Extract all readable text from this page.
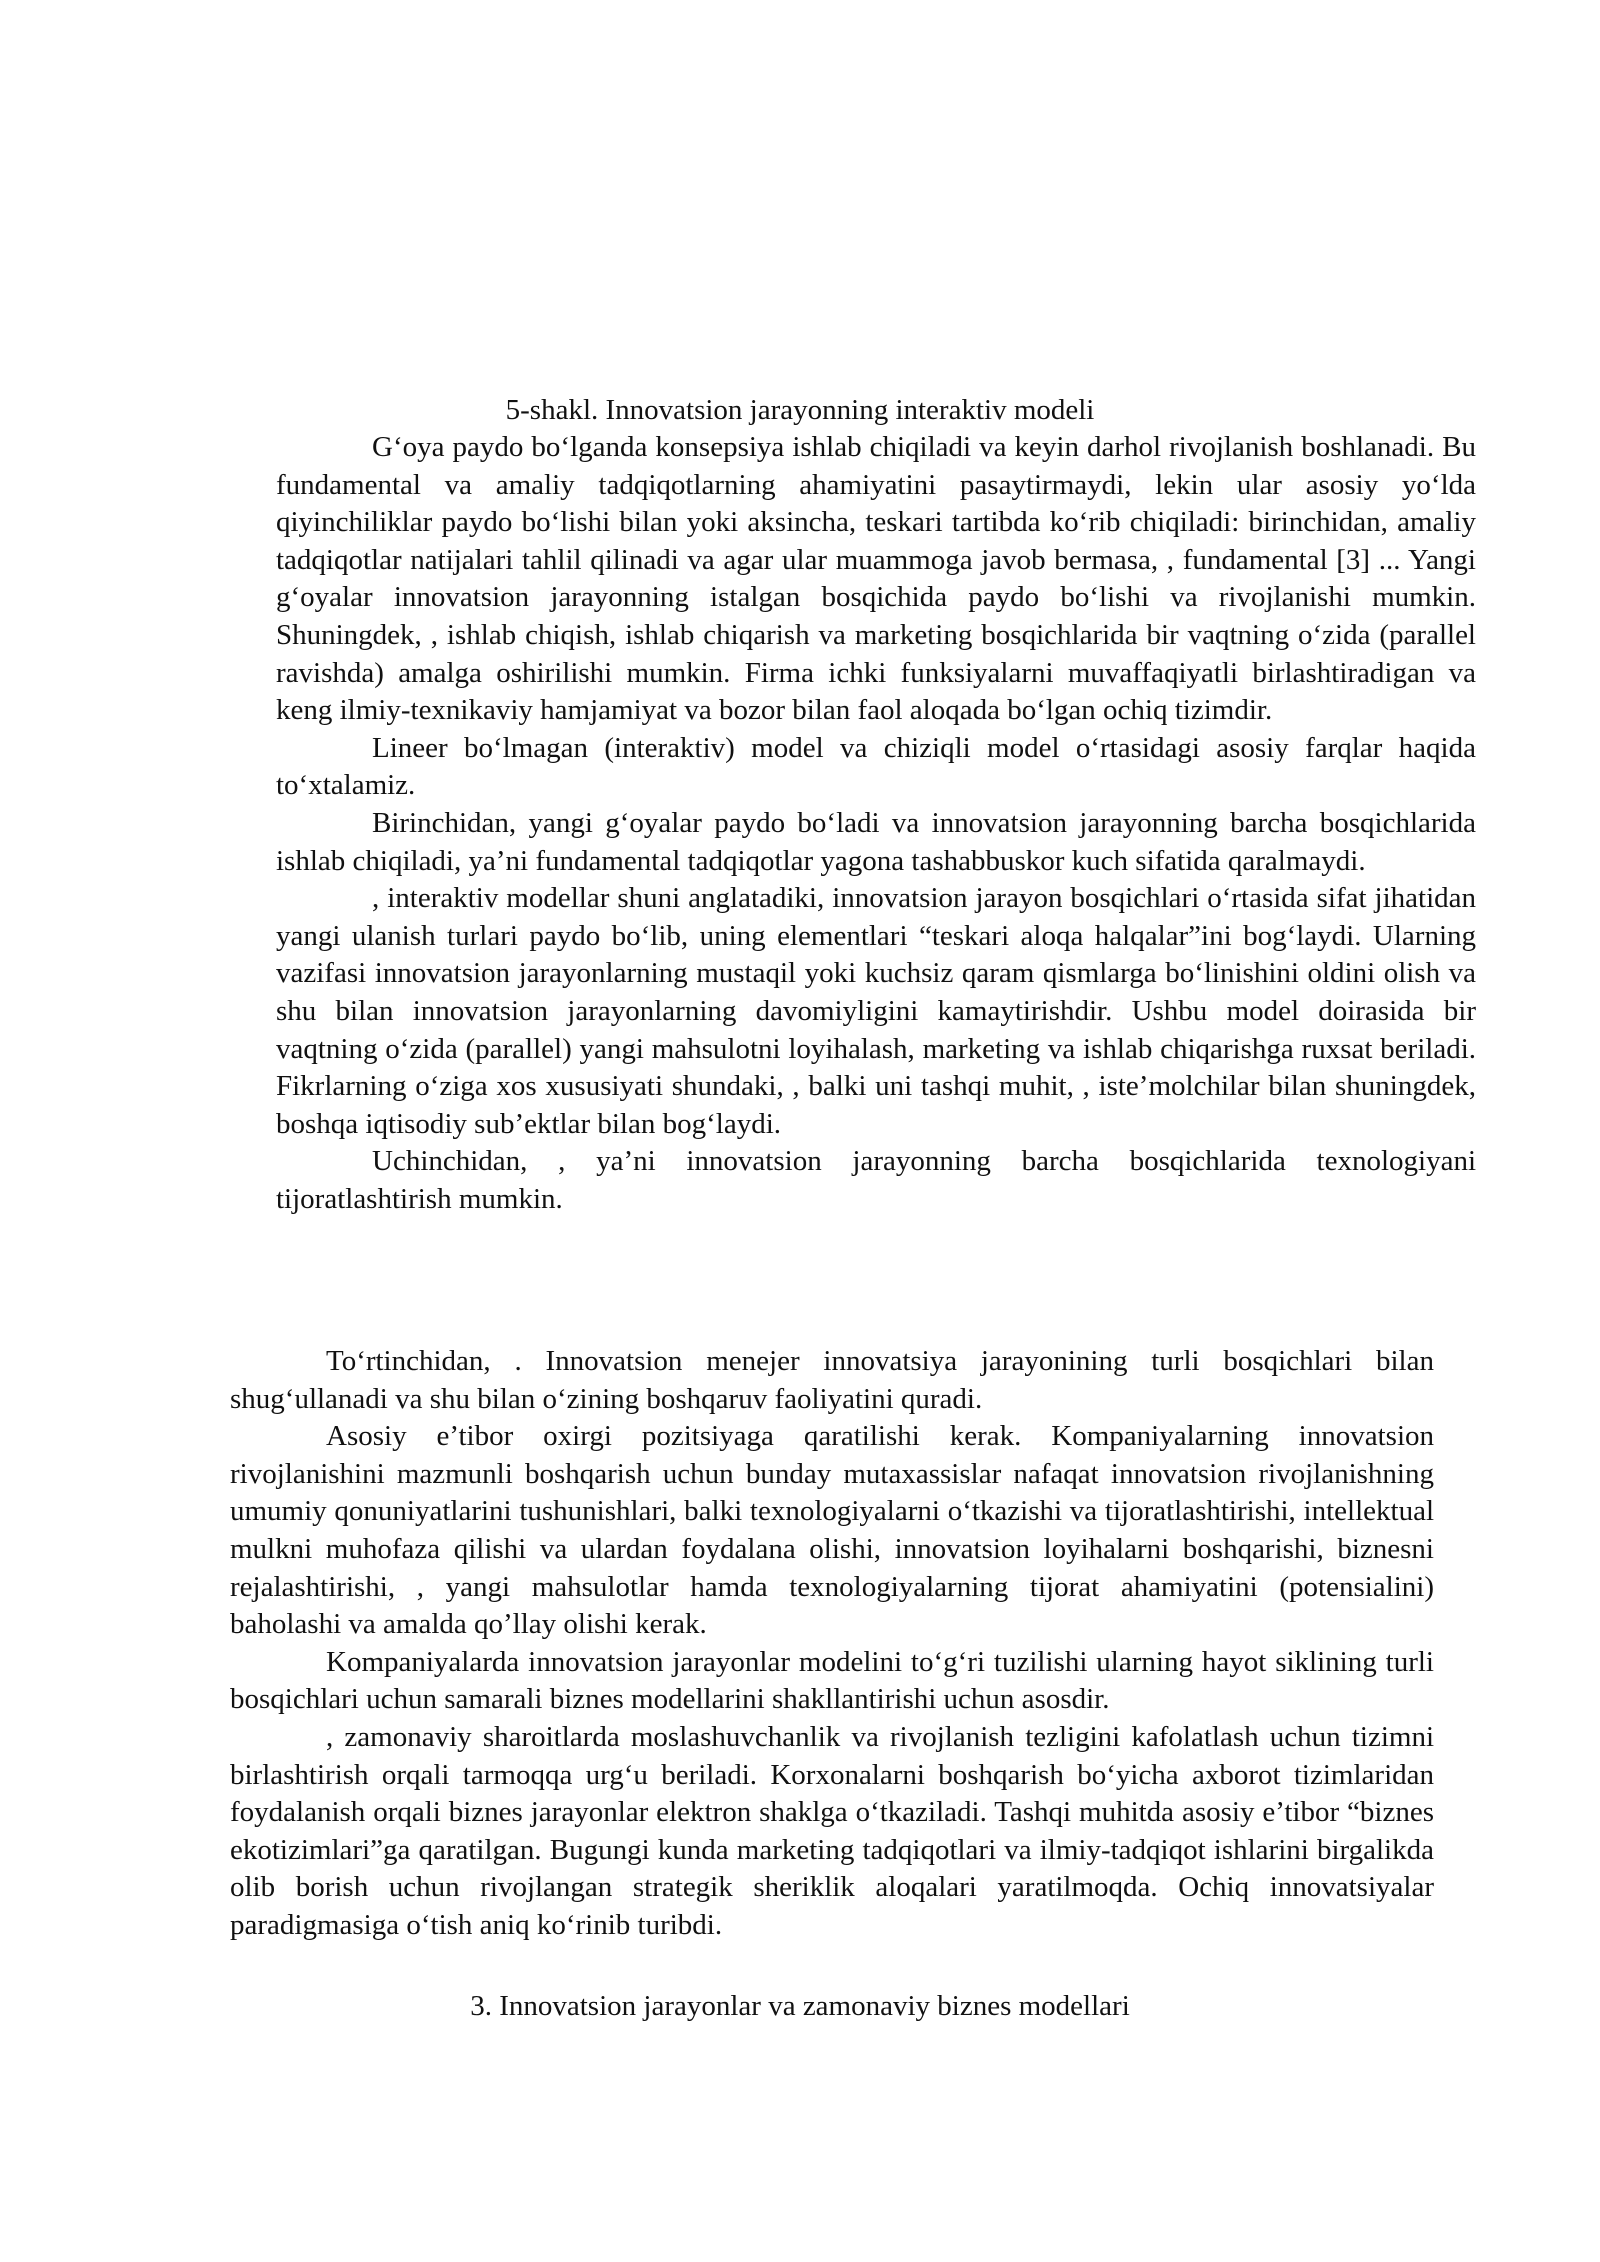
5-shakl. Innovatsion jarayonning interaktiv modeli

G‘oya paydo bo‘lganda konsepsiya ishlab chiqiladi va keyin darhol rivojlanish boshlanadi. Bu fundamental va amaliy tadqiqotlarning ahamiyatini pasaytirmaydi, lekin ular asosiy yo‘lda qiyinchiliklar paydo bo‘lishi bilan yoki aksincha, teskari tartibda ko‘rib chiqiladi: birinchidan, amaliy tadqiqotlar natijalari tahlil qilinadi va agar ular muammoga javob bermasa, , fundamental [3] ... Yangi g‘oyalar innovatsion jarayonning istalgan bosqichida paydo bo‘lishi va rivojlanishi mumkin. Shuningdek, , ishlab chiqish, ishlab chiqarish va marketing bosqichlarida bir vaqtning o‘zida (parallel ravishda) amalga oshirilishi mumkin. Firma ichki funksiyalarni muvaffaqiyatli birlashtiradigan va keng ilmiy-texnikaviy hamjamiyat va bozor bilan faol aloqada bo‘lgan ochiq tizimdir.

Lineer bo‘lmagan (interaktiv) model va chiziqli model o‘rtasidagi asosiy farqlar haqida to‘xtalamiz.

Birinchidan, yangi g‘oyalar paydo bo‘ladi va innovatsion jarayonning barcha bosqichlarida ishlab chiqiladi, ya’ni fundamental tadqiqotlar yagona tashabbuskor kuch sifatida qaralmaydi.

, interaktiv modellar shuni anglatadiki, innovatsion jarayon bosqichlari o‘rtasida sifat jihatidan yangi ulanish turlari paydo bo‘lib, uning elementlari “teskari aloqa halqalar”ini bog‘laydi. Ularning vazifasi innovatsion jarayonlarning mustaqil yoki kuchsiz qaram qismlarga bo‘linishini oldini olish va shu bilan innovatsion jarayonlarning davomiyligini kamaytirishdir. Ushbu model doirasida bir vaqtning o‘zida (parallel) yangi mahsulotni loyihalash, marketing va ishlab chiqarishga ruxsat beriladi. Fikrlarning o‘ziga xos xususiyati shundaki, , balki uni tashqi muhit, , iste’molchilar bilan shuningdek, boshqa iqtisodiy sub’ektlar bilan bog‘laydi.

Uchinchidan, , ya’ni innovatsion jarayonning barcha bosqichlarida texnologiyani tijoratlashtirish mumkin.

To‘rtinchidan, . Innovatsion menejer innovatsiya jarayonining turli bosqichlari bilan shug‘ullanadi va shu bilan o‘zining boshqaruv faoliyatini quradi.

Asosiy e’tibor oxirgi pozitsiyaga qaratilishi kerak. Kompaniyalarning innovatsion rivojlanishini mazmunli boshqarish uchun bunday mutaxassislar nafaqat innovatsion rivojlanishning umumiy qonuniyatlarini tushunishlari, balki texnologiyalarni o‘tkazishi va tijoratlashtirishi, intellektual mulkni muhofaza qilishi va ulardan foydalana olishi, innovatsion loyihalarni boshqarishi, biznesni rejalashtirishi, , yangi mahsulotlar hamda texnologiyalarning tijorat ahamiyatini (potensialini) baholashi va amalda qo’llay olishi kerak.

Kompaniyalarda innovatsion jarayonlar modelini to‘g‘ri tuzilishi ularning hayot siklining turli bosqichlari uchun samarali biznes modellarini shakllantirishi uchun asosdir.

, zamonaviy sharoitlarda moslashuvchanlik va rivojlanish tezligini kafolatlash uchun tizimni birlashtirish orqali tarmoqqa urg‘u beriladi. Korxonalarni boshqarish bo‘yicha axborot tizimlaridan foydalanish orqali biznes jarayonlar elektron shaklga o‘tkaziladi. Tashqi muhitda asosiy e’tibor “biznes ekotizimlari”ga qaratilgan. Bugungi kunda marketing tadqiqotlari va ilmiy-tadqiqot ishlarini birgalikda olib borish uchun rivojlangan strategik sheriklik aloqalari yaratilmoqda. Ochiq innovatsiyalar paradigmasiga o‘tish aniq ko‘rinib turibdi.

3. Innovatsion jarayonlar va zamonaviy biznes modellari
